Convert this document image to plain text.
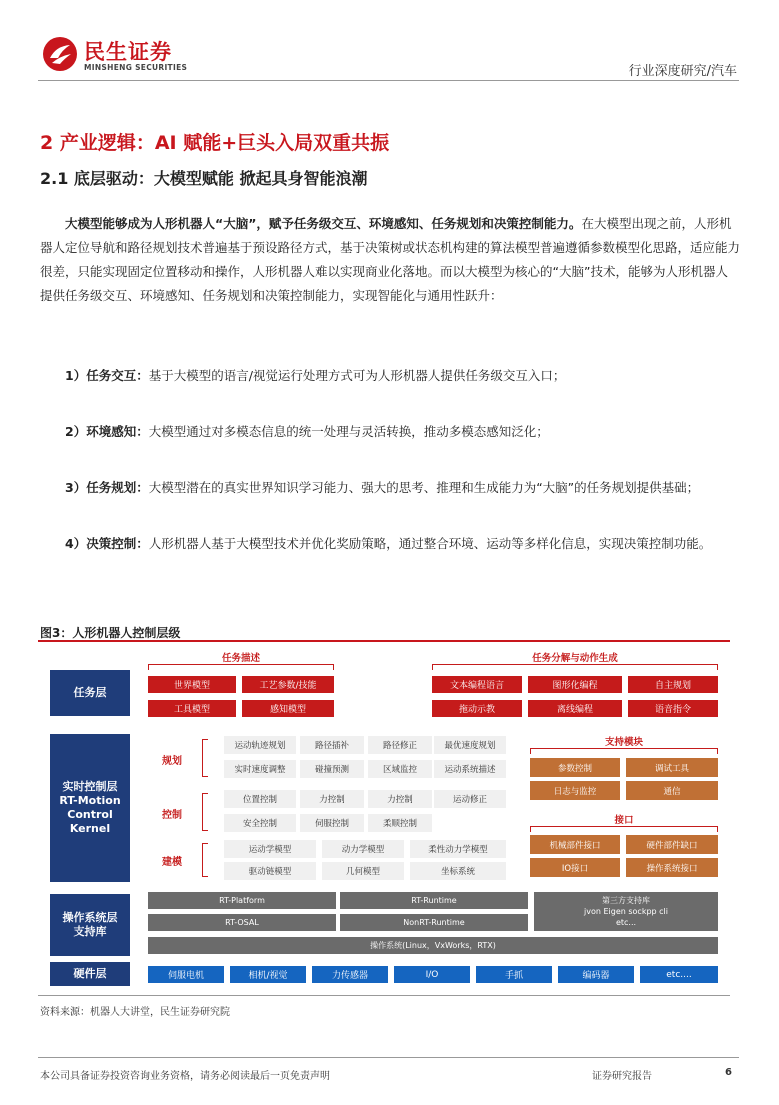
民生证券
MINSHENG SECURITIES	行业深度研究/汽车
2 产业逻辑：AI 赋能+巨头入局双重共振
2.1 底层驱动：大模型赋能 掀起具身智能浪潮
大模型能够成为人形机器人“大脑”，赋予任务级交互、环境感知、任务规划和决策控制能力。在大模型出现之前，人形机器人定位导航和路径规划技术普遍基于预设路径方式，基于决策树或状态机构建的算法模型普遍遵循参数模型化思路，适应能力很差，只能实现固定位置移动和操作，人形机器人难以实现商业化落地。而以大模型为核心的“大脑”技术，能够为人形机器人提供任务级交互、环境感知、任务规划和决策控制能力，实现智能化与通用性跃升：
1）任务交互：基于大模型的语言/视觉运行处理方式可为人形机器人提供任务级交互入口；
2）环境感知：大模型通过对多模态信息的统一处理与灵活转换，推动多模态感知泛化；
3）任务规划：大模型潜在的真实世界知识学习能力、强大的思考、推理和生成能力为“大脑”的任务规划提供基础；
4）决策控制：人形机器人基于大模型技术并优化奖励策略，通过整合环境、运动等多样化信息，实现决策控制功能。
图3：人形机器人控制层级
任务层
实时控制层
RT-Motion
Control
Kernel
操作系统层
支持库
硬件层
任务描述	任务分解与动作生成
世界模型	工艺参数/技能
工具模型	感知模型
文本编程语言	图形化编程	自主规划
拖动示教	离线编程	语音指令
规划
控制
建模
运动轨迹规划	路径插补	路径修正	最优速度规划
实时速度调整	碰撞预测	区域监控	运动系统描述
位置控制	力控制	力控制	运动修正
安全控制	伺服控制	柔顺控制
运动学模型	动力学模型	柔性动力学模型
驱动链模型	几何模型	坐标系统
支持模块
参数控制	调试工具
日志与监控	通信
接口
机械部件接口	硬件部件缺口
IO接口	操作系统接口
RT-Platform	RT-Runtime
RT-OSAL	NonRT-Runtime
第三方支持库
jvon Eigen sockpp cli
etc...
操作系统(Linux，VxWorks，RTX)
伺服电机	相机/视觉	力传感器	I/O	手抓	编码器	etc....
资料来源：机器人大讲堂，民生证券研究院
本公司具备证券投资咨询业务资格，请务必阅读最后一页免责声明	证券研究报告	6
